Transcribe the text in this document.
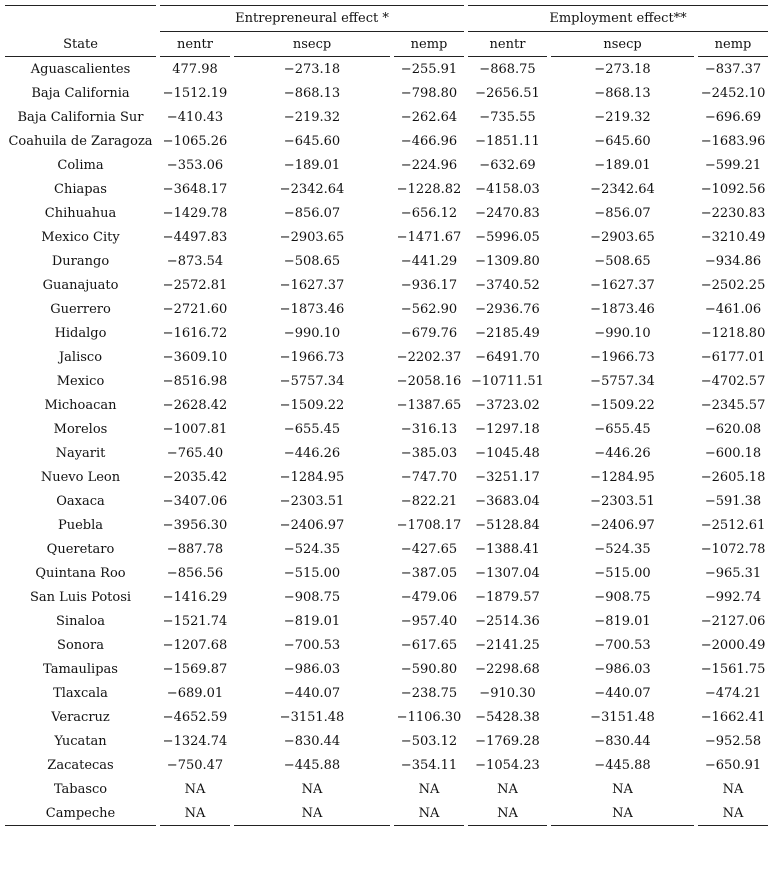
	Entrepreneural effect *			Employment effect**		
State	nentr	nsecp	nemp	nentr	nsecp	nemp
Aguascalientes	477.98	−273.18	−255.91	−868.75	−273.18	−837.37
Baja California	−1512.19	−868.13	−798.80	−2656.51	−868.13	−2452.10
Baja California Sur	−410.43	−219.32	−262.64	−735.55	−219.32	−696.69
Coahuila de Zaragoza	−1065.26	−645.60	−466.96	−1851.11	−645.60	−1683.96
Colima	−353.06	−189.01	−224.96	−632.69	−189.01	−599.21
Chiapas	−3648.17	−2342.64	−1228.82	−4158.03	−2342.64	−1092.56
Chihuahua	−1429.78	−856.07	−656.12	−2470.83	−856.07	−2230.83
Mexico City	−4497.83	−2903.65	−1471.67	−5996.05	−2903.65	−3210.49
Durango	−873.54	−508.65	−441.29	−1309.80	−508.65	−934.86
Guanajuato	−2572.81	−1627.37	−936.17	−3740.52	−1627.37	−2502.25
Guerrero	−2721.60	−1873.46	−562.90	−2936.76	−1873.46	−461.06
Hidalgo	−1616.72	−990.10	−679.76	−2185.49	−990.10	−1218.80
Jalisco	−3609.10	−1966.73	−2202.37	−6491.70	−1966.73	−6177.01
Mexico	−8516.98	−5757.34	−2058.16	−10711.51	−5757.34	−4702.57
Michoacan	−2628.42	−1509.22	−1387.65	−3723.02	−1509.22	−2345.57
Morelos	−1007.81	−655.45	−316.13	−1297.18	−655.45	−620.08
Nayarit	−765.40	−446.26	−385.03	−1045.48	−446.26	−600.18
Nuevo Leon	−2035.42	−1284.95	−747.70	−3251.17	−1284.95	−2605.18
Oaxaca	−3407.06	−2303.51	−822.21	−3683.04	−2303.51	−591.38
Puebla	−3956.30	−2406.97	−1708.17	−5128.84	−2406.97	−2512.61
Queretaro	−887.78	−524.35	−427.65	−1388.41	−524.35	−1072.78
Quintana Roo	−856.56	−515.00	−387.05	−1307.04	−515.00	−965.31
San Luis Potosi	−1416.29	−908.75	−479.06	−1879.57	−908.75	−992.74
Sinaloa	−1521.74	−819.01	−957.40	−2514.36	−819.01	−2127.06
Sonora	−1207.68	−700.53	−617.65	−2141.25	−700.53	−2000.49
Tamaulipas	−1569.87	−986.03	−590.80	−2298.68	−986.03	−1561.75
Tlaxcala	−689.01	−440.07	−238.75	−910.30	−440.07	−474.21
Veracruz	−4652.59	−3151.48	−1106.30	−5428.38	−3151.48	−1662.41
Yucatan	−1324.74	−830.44	−503.12	−1769.28	−830.44	−952.58
Zacatecas	−750.47	−445.88	−354.11	−1054.23	−445.88	−650.91
Tabasco	NA	NA	NA	NA	NA	NA
Campeche	NA	NA	NA	NA	NA	NA
